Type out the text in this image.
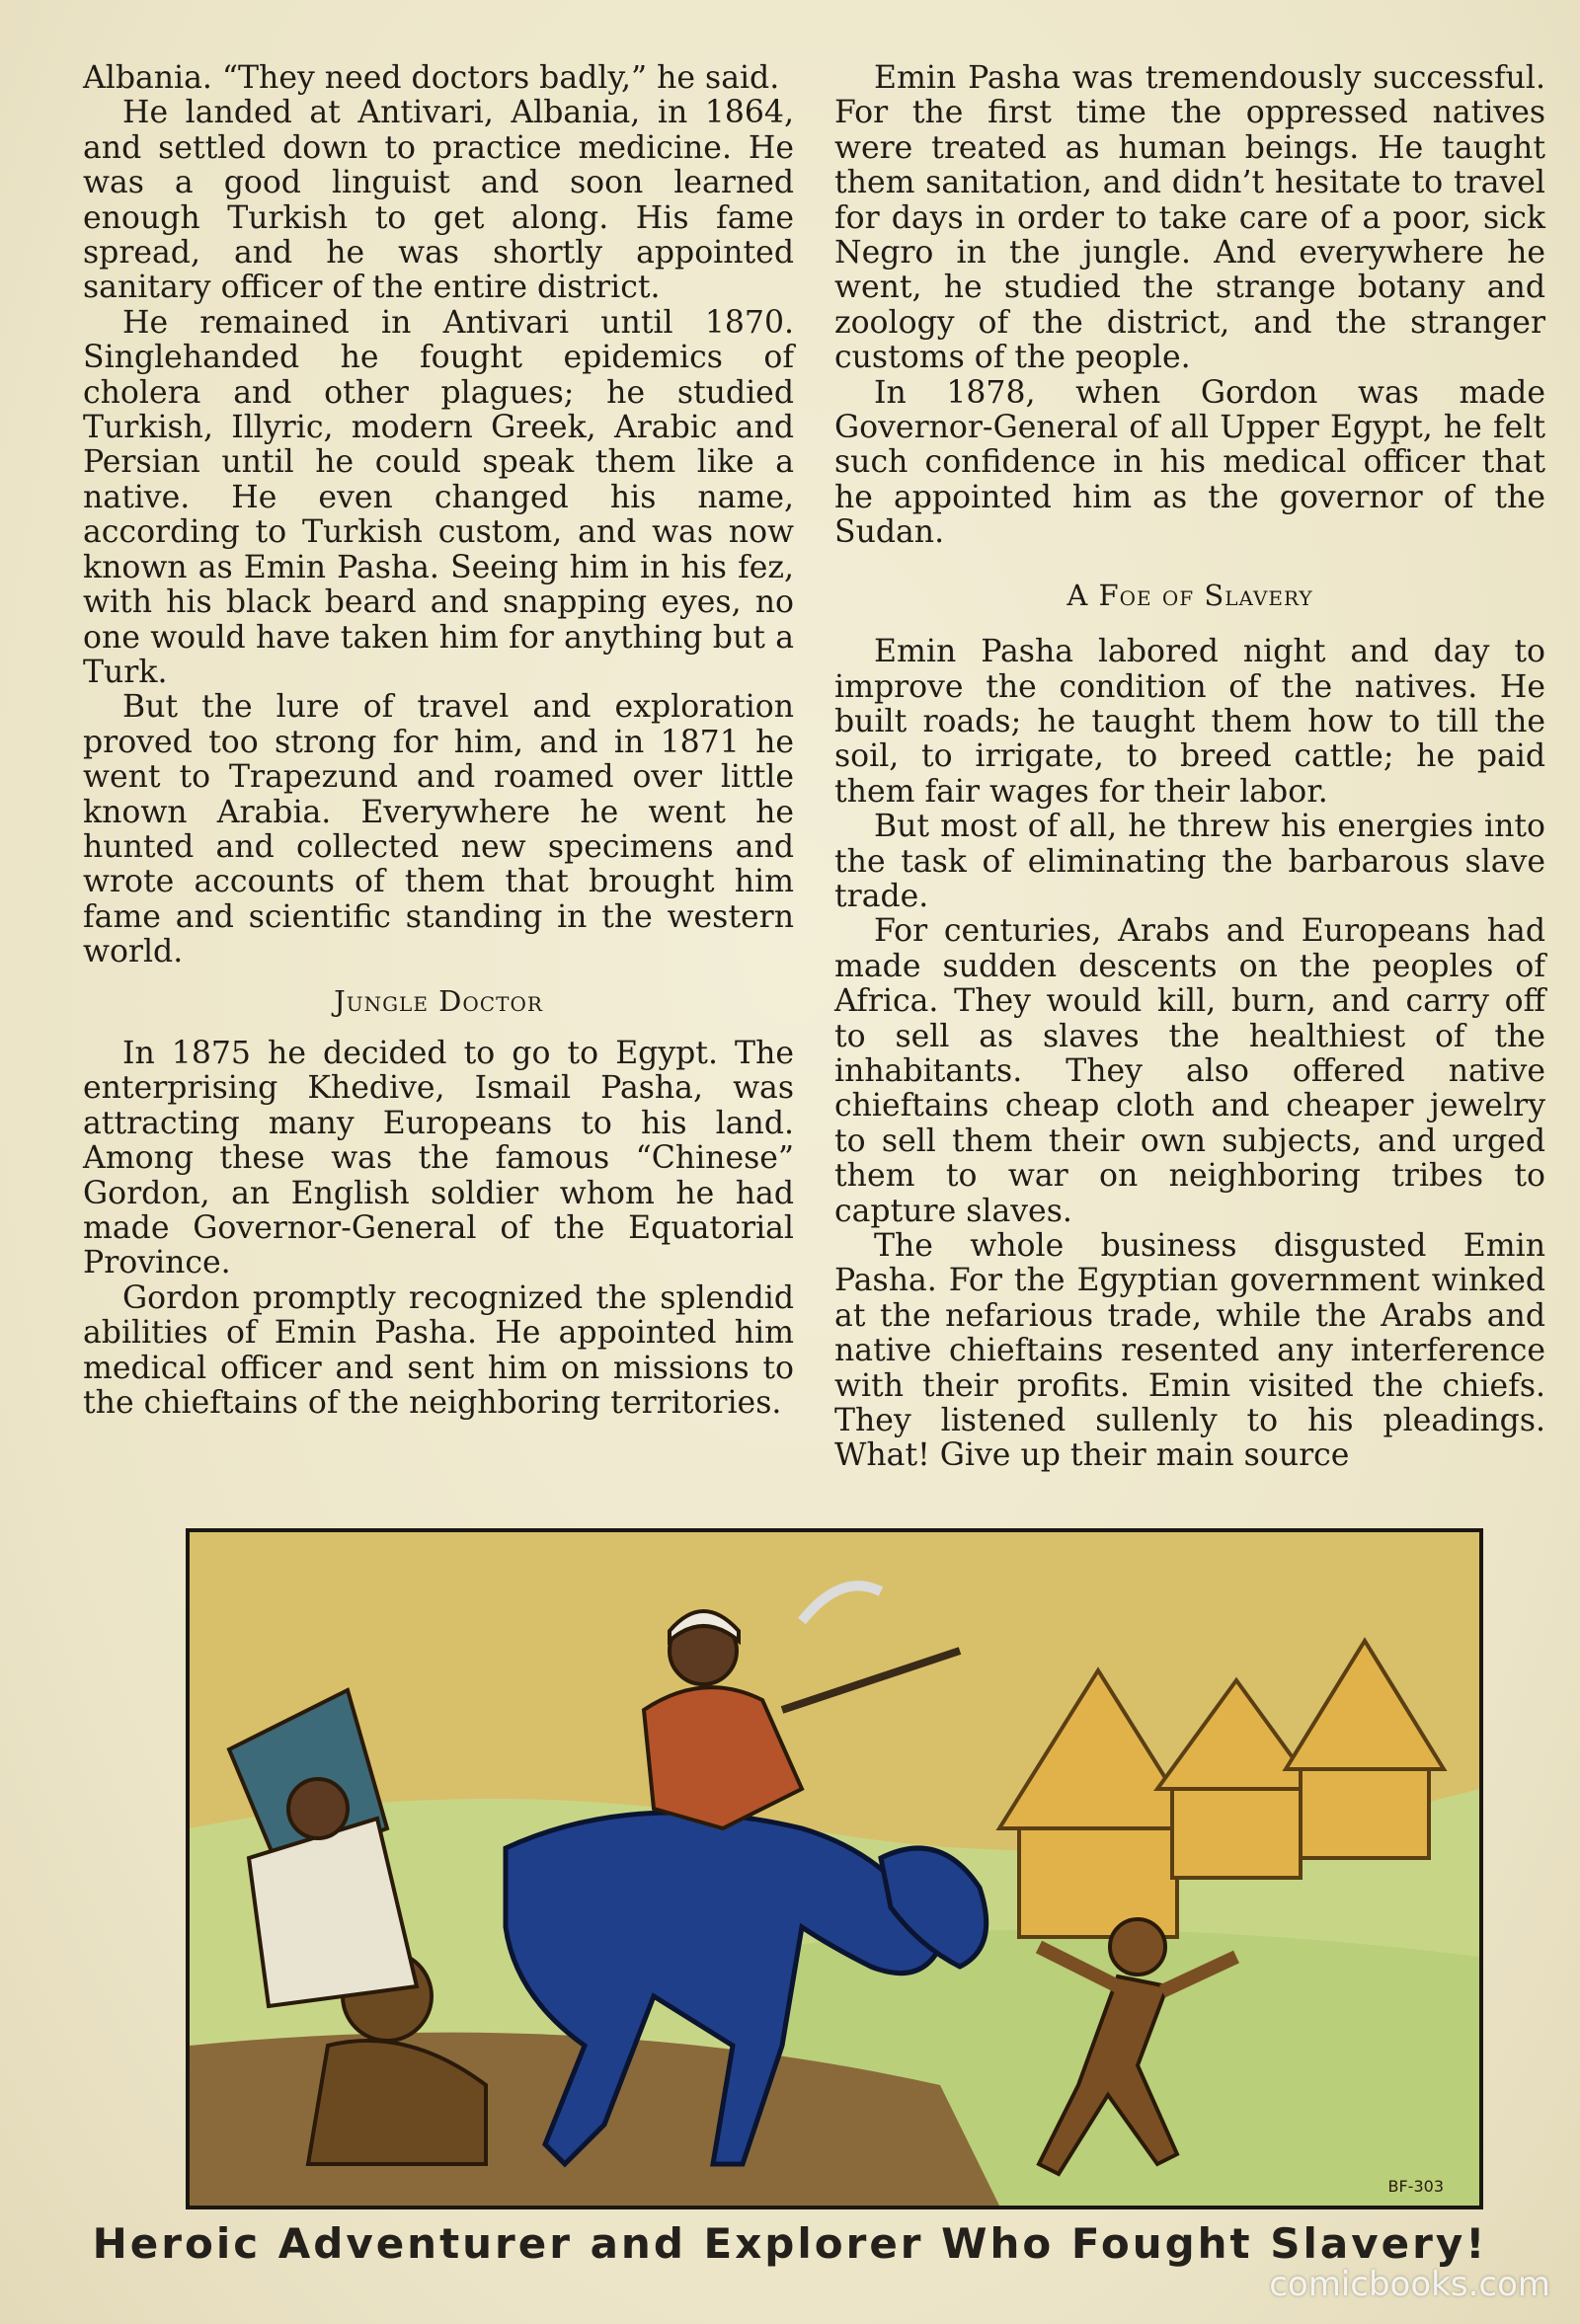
Albania. “They need doctors badly,” he said.

He landed at Antivari, Albania, in 1864, and settled down to practice medicine. He was a good linguist and soon learned enough Turkish to get along. His fame spread, and he was shortly appointed sanitary officer of the entire district.

He remained in Antivari until 1870. Singlehanded he fought epidemics of cholera and other plagues; he studied Turkish, Illyric, modern Greek, Arabic and Persian until he could speak them like a native. He even changed his name, according to Turkish custom, and was now known as Emin Pasha. Seeing him in his fez, with his black beard and snapping eyes, no one would have taken him for anything but a Turk.

But the lure of travel and exploration proved too strong for him, and in 1871 he went to Trapezund and roamed over little known Arabia. Everywhere he went he hunted and collected new specimens and wrote accounts of them that brought him fame and scientific standing in the western world.

Jungle Doctor

In 1875 he decided to go to Egypt. The enterprising Khedive, Ismail Pasha, was attracting many Europeans to his land. Among these was the famous “Chinese” Gordon, an English soldier whom he had made Governor-General of the Equatorial Province.

Gordon promptly recognized the splendid abilities of Emin Pasha. He appointed him medical officer and sent him on missions to the chieftains of the neighboring territories.

Emin Pasha was tremendously successful. For the first time the oppressed natives were treated as human beings. He taught them sanitation, and didn’t hesitate to travel for days in order to take care of a poor, sick Negro in the jungle. And everywhere he went, he studied the strange botany and zoology of the district, and the stranger customs of the people.

In 1878, when Gordon was made Governor-General of all Upper Egypt, he felt such confidence in his medical officer that he appointed him as the governor of the Sudan.

A Foe of Slavery

Emin Pasha labored night and day to improve the condition of the natives. He built roads; he taught them how to till the soil, to irrigate, to breed cattle; he paid them fair wages for their labor.

But most of all, he threw his energies into the task of eliminating the barbarous slave trade.

For centuries, Arabs and Europeans had made sudden descents on the peoples of Africa. They would kill, burn, and carry off to sell as slaves the healthiest of the inhabitants. They also offered native chieftains cheap cloth and cheaper jewelry to sell them their own subjects, and urged them to war on neighboring tribes to capture slaves.

The whole business disgusted Emin Pasha. For the Egyptian government winked at the nefarious trade, while the Arabs and native chieftains resented any interference with their profits. Emin visited the chiefs. They listened sullenly to his pleadings. What! Give up their main source

BF-303
Heroic Adventurer and Explorer Who Fought Slavery!
comicbooks.com
